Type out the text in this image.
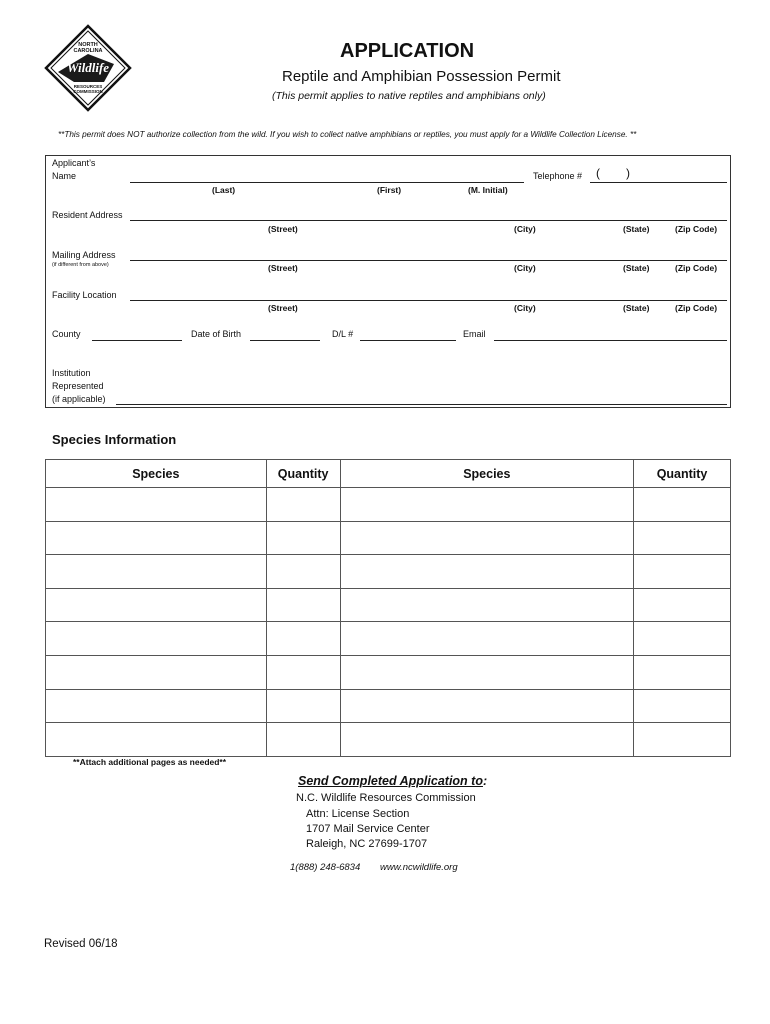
NORTH
CAROLINA
Wildlife
RESOURCES
COMMISSION
APPLICATION
Reptile and Amphibian Possession Permit
(This permit applies to native reptiles and amphibians only)
**This permit does NOT authorize collection from the wild. If you wish to collect native amphibians or reptiles, you must apply for a Wildlife Collection License. **
Applicant’s
Name	Telephone # ( )
(Last)	(First)	(M. Initial)
Resident Address
(Street)	(City)	(State)	(Zip Code)
Mailing Address
(if different from above)	(Street)	(City)	(State)	(Zip Code)
Facility Location
(Street)	(City)	(State)	(Zip Code)
County	Date of Birth	D/L #	Email
Institution
Represented
(if applicable)
Species Information
Species	Quantity	Species	Quantity

**Attach additional pages as needed**
Send Completed Application to:
N.C. Wildlife Resources Commission
Attn: License Section
1707 Mail Service Center
Raleigh, NC 27699-1707
1(888) 248-6834 www.ncwildlife.org
Revised 06/18
